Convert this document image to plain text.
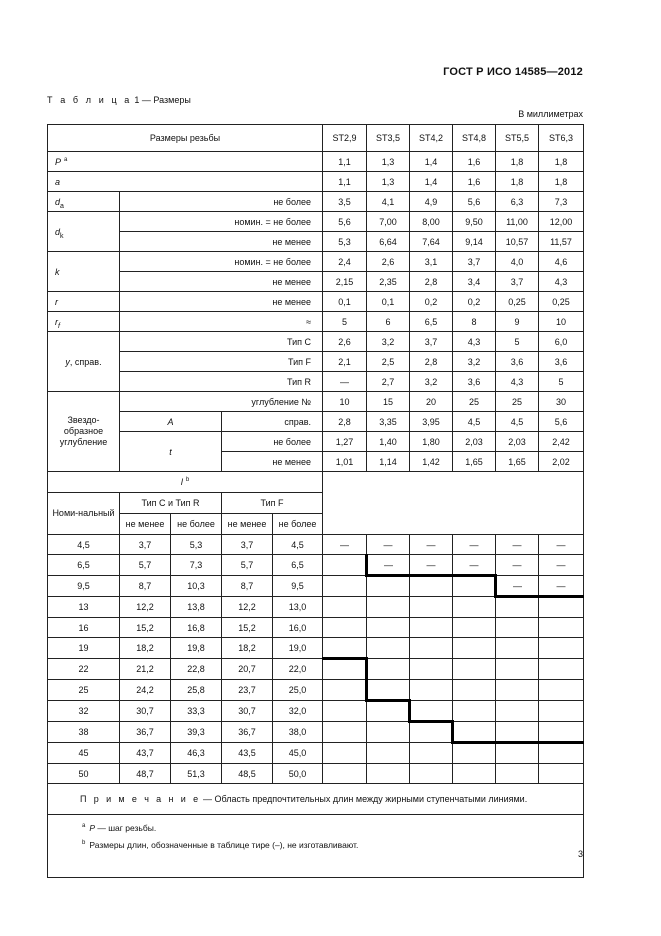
ГОСТ Р ИСО 14585—2012
Т а б л и ц а 1 — Размеры
В миллиметрах
Размеры резьбы					ST2,9	ST3,5	ST4,2	ST4,8	ST5,5	ST6,3
P $^a$					1,1	1,3	1,4	1,6	1,8	1,8
a					1,1	1,3	1,4	1,6	1,8	1,8
$d_a$	не более				3,5	4,1	4,9	5,6	6,3	7,3
$d_k$	номин. = не более				5,6	7,00	8,00	9,50	11,00	12,00
	не менее				5,3	6,64	7,64	9,14	10,57	11,57
k	номин. = не более				2,4	2,6	3,1	3,7	4,0	4,6
	не менее				2,15	2,35	2,8	3,4	3,7	4,3
r	не менее				0,1	0,1	0,2	0,2	0,25	0,25
$r_f$	≈				5	6	6,5	8	9	10
y, справ.	Тип C				2,6	3,2	3,7	4,3	5	6,0
	Тип F				2,1	2,5	2,8	3,2	3,6	3,6
	Тип R				—	2,7	3,2	3,6	4,3	5
Звездо-образное углубление	углубление №				10	15	20	25	25	30
	A		справ.		2,8	3,35	3,95	4,5	4,5	5,6
	t		не более		1,27	1,40	1,80	2,03	2,03	2,42
			не менее		1,01	1,14	1,42	1,65	1,65	2,02
l $^b$	
Номи-нальный	Тип C и Тип R		Тип F							
	не менее	не более	не менее	не более						
4,5	3,7	5,3	3,7	4,5	—	—	—	—	—	—
6,5	5,7	7,3	5,7	6,5		—	—	—	—	—
9,5	8,7	10,3	8,7	9,5					—	—
13	12,2	13,8	12,2	13,0						
16	15,2	16,8	15,2	16,0						
19	18,2	19,8	18,2	19,0						
22	21,2	22,8	20,7	22,0						
25	24,2	25,8	23,7	25,0						
32	30,7	33,3	30,7	32,0						
38	36,7	39,3	36,7	38,0						
45	43,7	46,3	43,5	45,0						
50	48,7	51,3	48,5	50,0						
П р и м е ч а н и е — Область предпочтительных длин между жирными ступенчатыми линиями.										

$^a$ P — шаг резьбы.
$^b$ Размеры длин, обозначенные в таблице тире (–), не изготавливают.										
3
